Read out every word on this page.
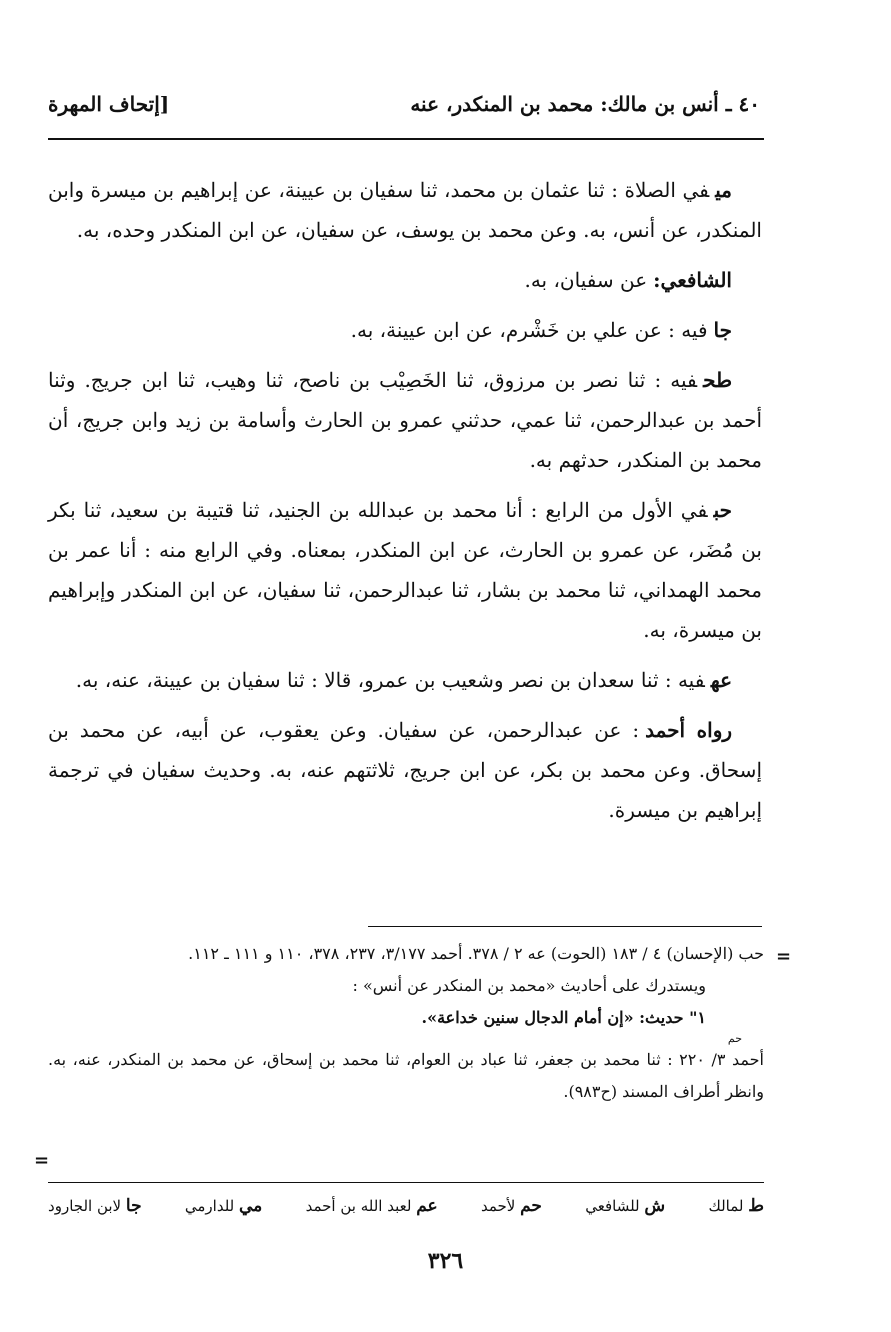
٤٠ ـ أنس بن مالك: محمد بن المنكدر، عنه
[إتحاف المهرة

ميفي الصلاة : ثنا عثمان بن محمد، ثنا سفيان بن عيينة، عن إبراهيم بن ميسرة وابن المنكدر، عن أنس، به. وعن محمد بن يوسف، عن سفيان، عن ابن المنكدر وحده، به.

الشافعي:عن سفيان، به.

جافيه : عن علي بن خَشْرم، عن ابن عيينة، به.

طحفيه : ثنا نصر بن مرزوق، ثنا الخَصِيْب بن ناصح، ثنا وهيب، ثنا ابن جريج. وثنا أحمد بن عبدالرحمن، ثنا عمي، حدثني عمرو بن الحارث وأسامة بن زيد وابن جريج، أن محمد بن المنكدر، حدثهم به.

حبفي الأول من الرابع : أنا محمد بن عبدالله بن الجنيد، ثنا قتيبة بن سعيد، ثنا بكر بن مُضَر، عن عمرو بن الحارث، عن ابن المنكدر، بمعناه. وفي الرابع منه : أنا عمر بن محمد الهمداني، ثنا محمد بن بشار، ثنا عبدالرحمن، ثنا سفيان، عن ابن المنكدر وإبراهيم بن ميسرة، به.

عهفيه : ثنا سعدان بن نصر وشعيب بن عمرو، قالا : ثنا سفيان بن عيينة، عنه، به.

رواه أحمد: عن عبدالرحمن، عن سفيان. وعن يعقوب، عن أبيه، عن محمد بن إسحاق. وعن محمد بن بكر، عن ابن جريج، ثلاثتهم عنه، به. وحديث سفيان في ترجمة إبراهيم بن ميسرة.

=

حب (الإحسان) ٤ / ١٨٣ (الحوت) عه ٢ / ٣٧٨. أحمد ٣/١٧٧، ٢٣٧، ٣٧٨، ١١٠ و ١١١ ـ ١١٢.

ويستدرك على أحاديث «محمد بن المنكدر عن أنس» :

١" حديث: «إن أمام الدجال سنين خداعة».

حم

أحمد ٣/ ٢٢٠ : ثنا محمد بن جعفر، ثنا عباد بن العوام، ثنا محمد بن إسحاق، عن محمد بن المنكدر، عنه، به. وانظر أطراف المسند (ح٩٨٣).

=
ط لمالك
ش للشافعي
حم لأحمد
عم لعبد الله بن أحمد
مي للدارمي
جا لابن الجارود
٣٢٦
